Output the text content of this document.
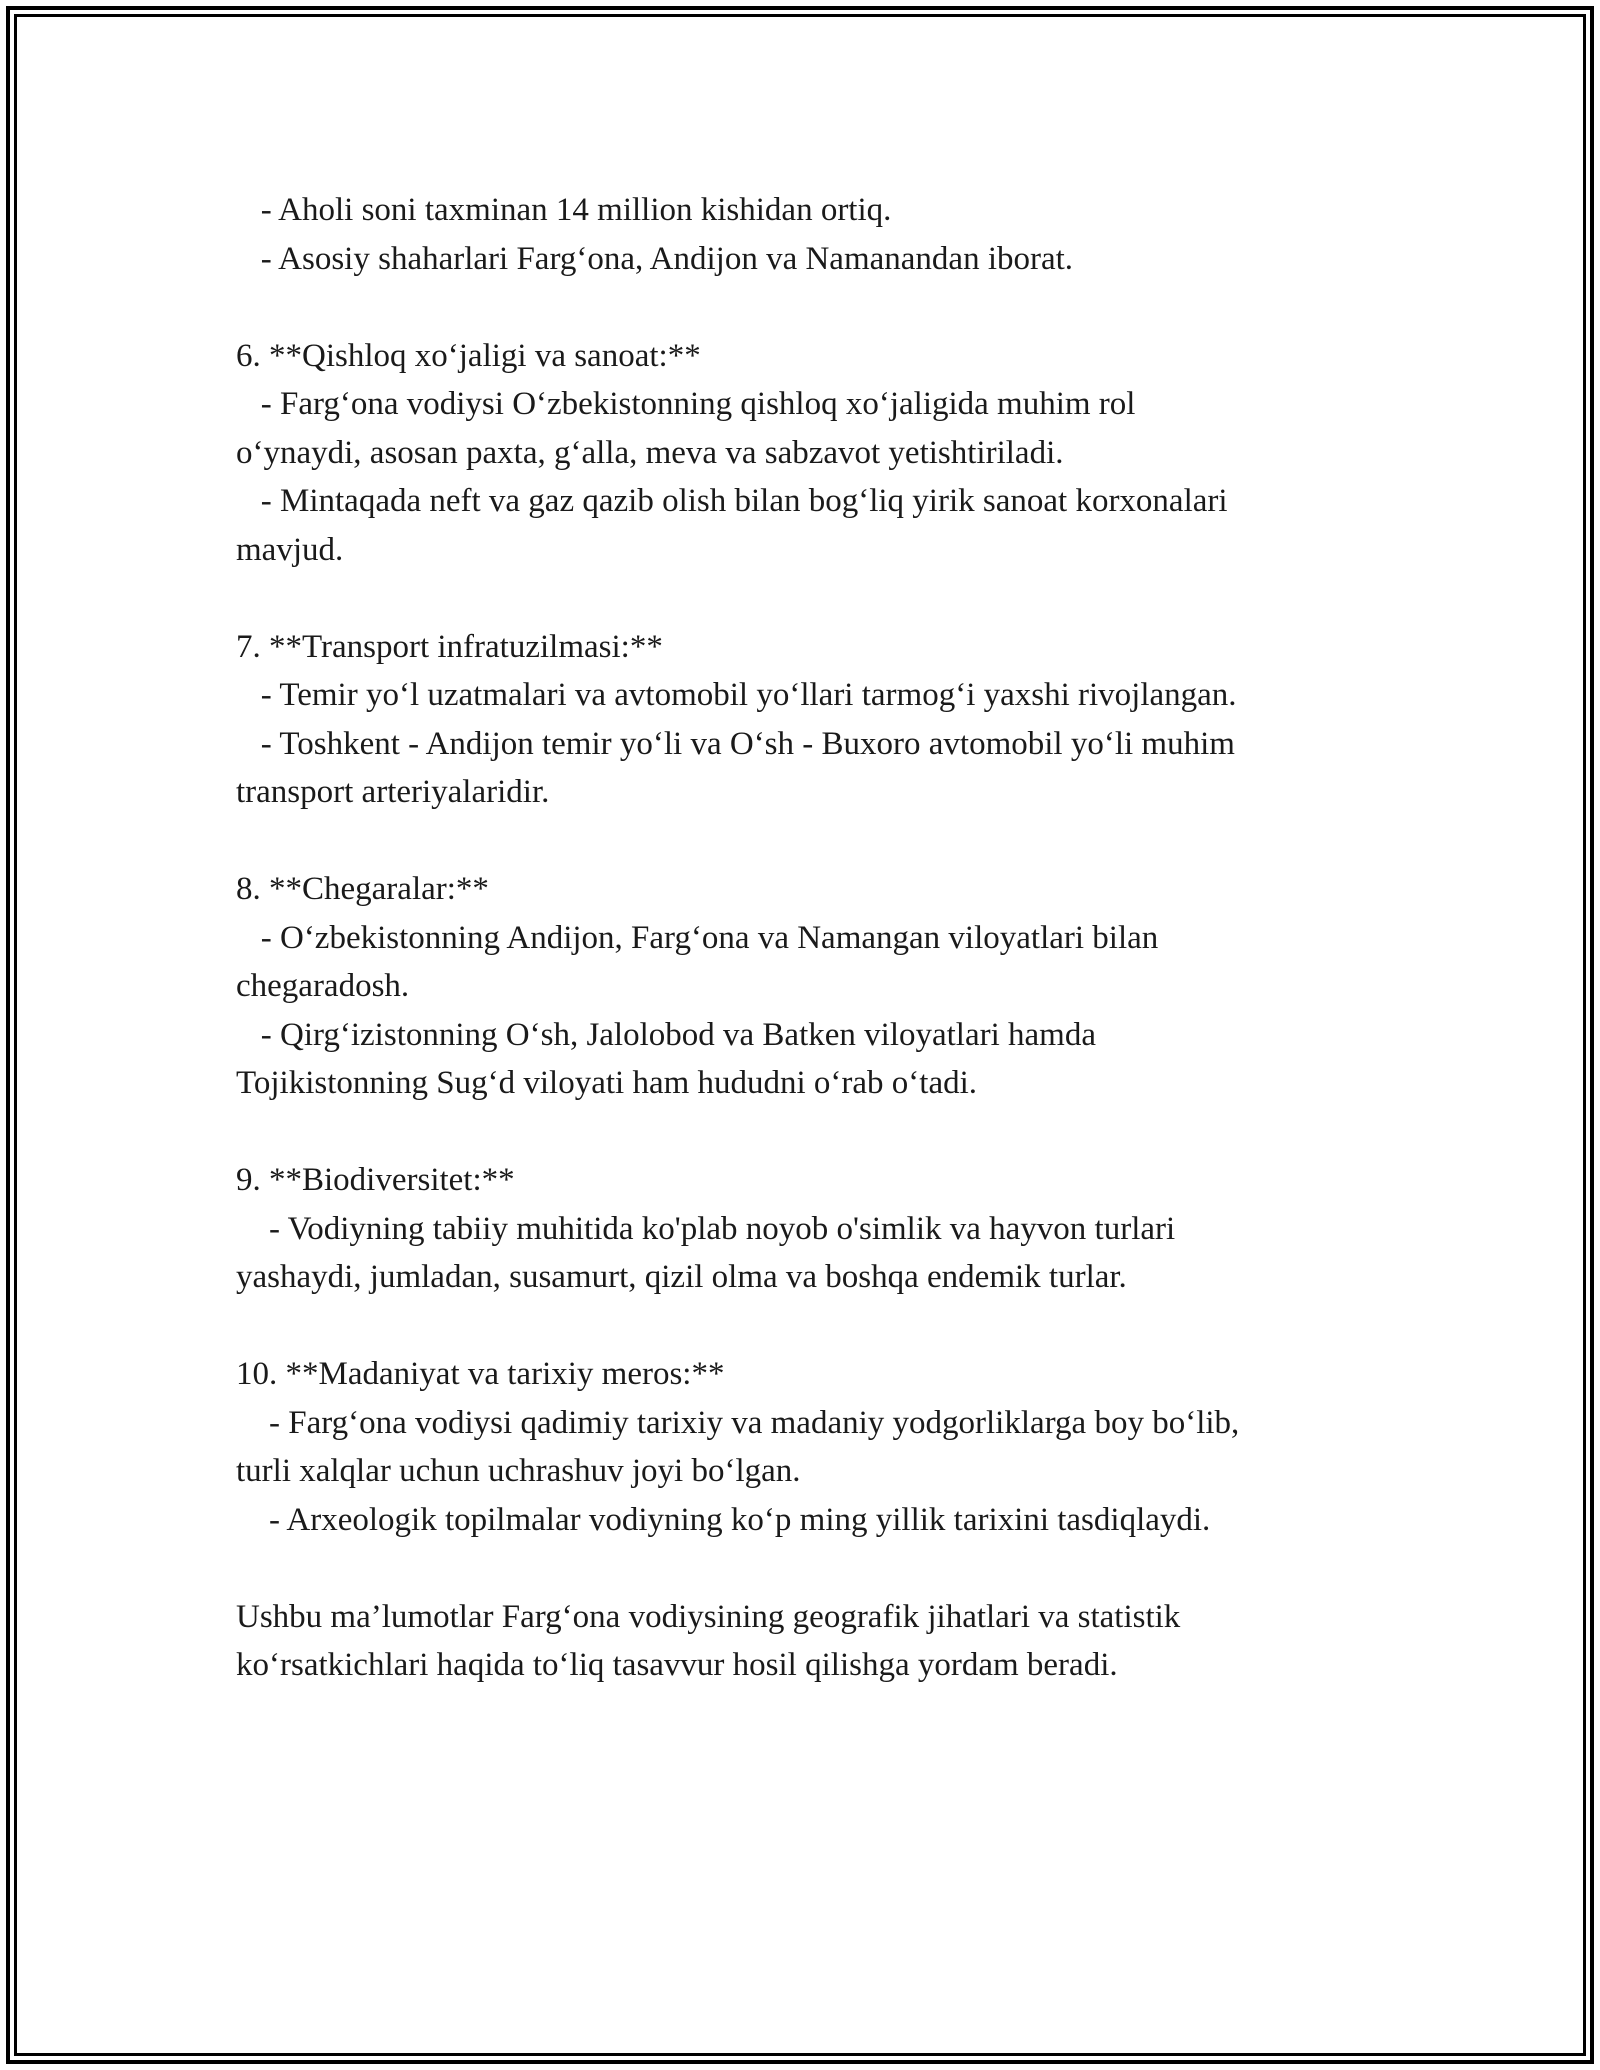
- Aholi soni taxminan 14 million kishidan ortiq.
- Asosiy shaharlari Farg‘ona, Andijon va Namanandan iborat.
6. **Qishloq xo‘jaligi va sanoat:**
- Farg‘ona vodiysi O‘zbekistonning qishloq xo‘jaligida muhim rol
o‘ynaydi, asosan paxta, g‘alla, meva va sabzavot yetishtiriladi.
- Mintaqada neft va gaz qazib olish bilan bog‘liq yirik sanoat korxonalari
mavjud.
7. **Transport infratuzilmasi:**
- Temir yo‘l uzatmalari va avtomobil yo‘llari tarmog‘i yaxshi rivojlangan.
- Toshkent - Andijon temir yo‘li va O‘sh - Buxoro avtomobil yo‘li muhim
transport arteriyalaridir.
8. **Chegaralar:**
- O‘zbekistonning Andijon, Farg‘ona va Namangan viloyatlari bilan
chegaradosh.
- Qirg‘izistonning O‘sh, Jalolobod va Batken viloyatlari hamda
Tojikistonning Sug‘d viloyati ham hududni o‘rab o‘tadi.
9. **Biodiversitet:**
- Vodiyning tabiiy muhitida ko'plab noyob o'simlik va hayvon turlari
yashaydi, jumladan, susamurt, qizil olma va boshqa endemik turlar.
10. **Madaniyat va tarixiy meros:**
- Farg‘ona vodiysi qadimiy tarixiy va madaniy yodgorliklarga boy bo‘lib,
turli xalqlar uchun uchrashuv joyi bo‘lgan.
- Arxeologik topilmalar vodiyning ko‘p ming yillik tarixini tasdiqlaydi.
Ushbu ma’lumotlar Farg‘ona vodiysining geografik jihatlari va statistik
ko‘rsatkichlari haqida to‘liq tasavvur hosil qilishga yordam beradi.
